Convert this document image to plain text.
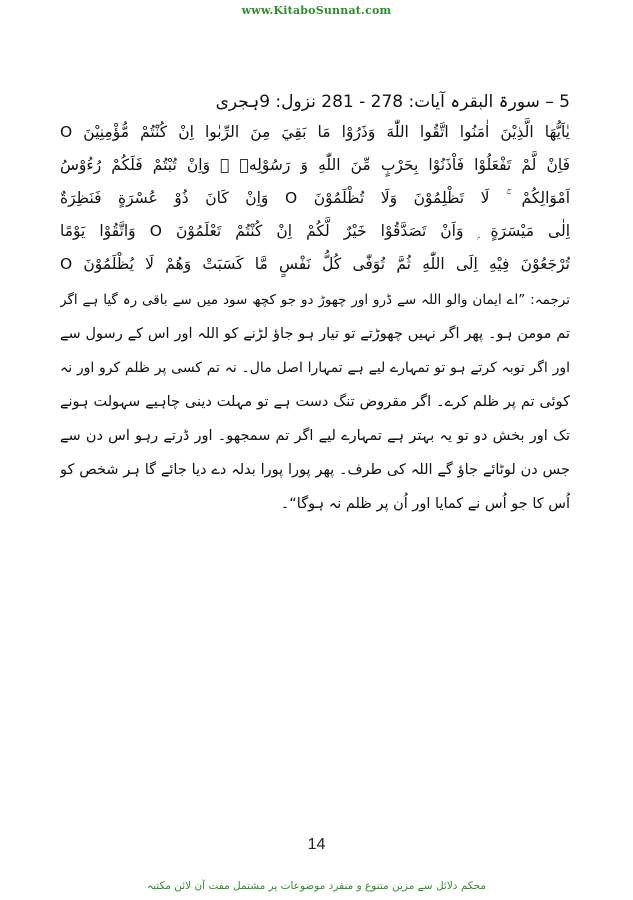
www.KitaboSunnat.com
5 – سورۃ البقرہ آیات: 278 - 281 نزول: 9ہجری
يٰاَيُّهَا الَّذِيْنَ اٰمَنُوا اتَّقُوا اللّٰهَ وَذَرُوْا مَا بَقِيَ مِنَ الرِّبٰوا اِنْ كُنْتُمْ مُّؤْمِنِيْنَ O
فَاِنْ لَّمْ تَفْعَلُوْا فَاْذَنُوْا بِحَرْبٍ مِّنَ اللّٰهِ وَ رَسُوْلِهٖ ۚ وَاِنْ تُبْتُمْ فَلَكُمْ رُءُوْسُ
اَمْوَالِكُمْ ۚ لَا تَظْلِمُوْنَ وَلَا تُظْلَمُوْنَ O وَاِنْ كَانَ ذُوْ عُسْرَةٍ فَنَظِرَةٌ
اِلٰى مَيْسَرَةٍ ۭ وَاَنْ تَصَدَّقُوْا خَيْرٌ لَّكُمْ اِنْ كُنْتُمْ تَعْلَمُوْنَ O وَاتَّقُوْا يَوْمًا
تُرْجَعُوْنَ فِيْهِ اِلَى اللّٰهِ ثُمَّ تُوَفّٰى كُلُّ نَفْسٍ مَّا كَسَبَتْ وَهُمْ لَا يُظْلَمُوْنَ O
ترجمہ: ”اے ایمان والو اللہ سے ڈرو اور چھوڑ دو جو کچھ سود میں سے باقی رہ گیا ہے اگر
تم مومن ہو۔ پھر اگر نہیں چھوڑتے تو تیار ہو جاؤ لڑنے کو اللہ اور اس کے رسول سے
اور اگر توبہ کرتے ہو تو تمہارے لیے ہے تمہارا اصل مال۔ نہ تم کسی پر ظلم کرو اور نہ
کوئی تم پر ظلم کرے۔ اگر مقروض تنگ دست ہے تو مہلت دینی چاہیے سہولت ہونے
تک اور بخش دو تو یہ بہتر ہے تمہارے لیے اگر تم سمجھو۔ اور ڈرتے رہو اس دن سے
جس دن لوٹائے جاؤ گے اللہ کی طرف۔ پھر پورا پورا بدلہ دے دیا جائے گا ہر شخص کو
اُس کا جو اُس نے کمایا اور اُن پر ظلم نہ ہوگا“۔
14
محکم دلائل سے مزین متنوع و منفرد موضوعات پر مشتمل مفت آن لائن مکتبہ
